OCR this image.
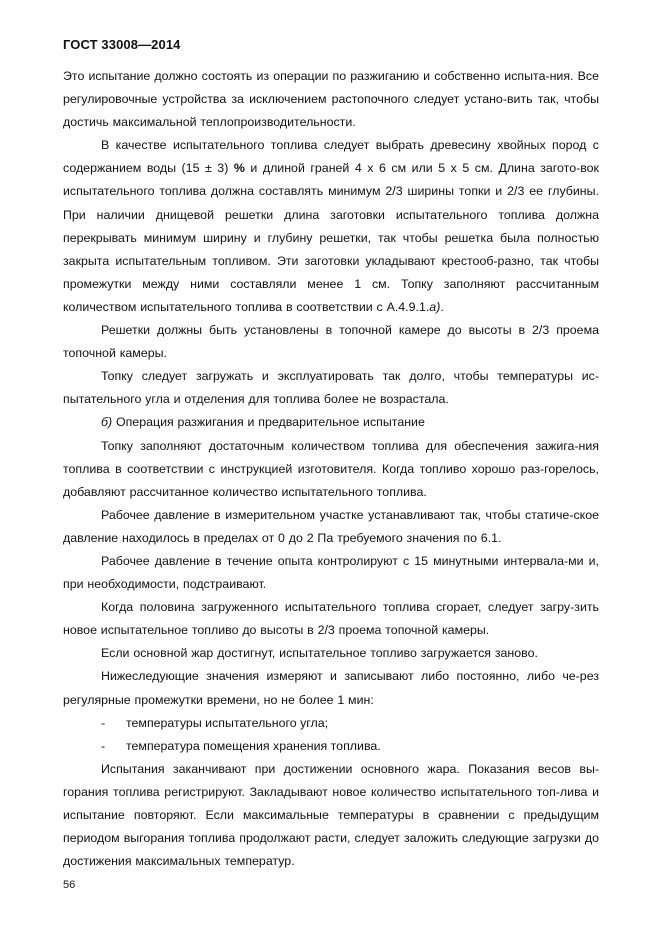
ГОСТ 33008—2014

Это испытание должно состоять из операции по разжиганию и собственно испыта-ния. Все регулировочные устройства за исключением растопочного следует устано-вить так, чтобы достичь максимальной теплопроизводительности.

В качестве испытательного топлива следует выбрать древесину хвойных пород с содержанием воды (15 ± 3) % и длиной граней 4 x 6 см или 5 x 5 см. Длина загото-вок испытательного топлива должна составлять минимум 2/3 ширины топки и 2/3 ее глубины. При наличии днищевой решетки длина заготовки испытательного топлива должна перекрывать минимум ширину и глубину решетки, так чтобы решетка была полностью закрыта испытательным топливом. Эти заготовки укладывают крестооб-разно, так чтобы промежутки между ними составляли менее 1 см. Топку заполняют рассчитанным количеством испытательного топлива в соответствии с А.4.9.1.а).

Решетки должны быть установлены в топочной камере до высоты в 2/3 проема топочной камеры.

Топку следует загружать и эксплуатировать так долго, чтобы температуры ис-пытательного угла и отделения для топлива более не возрастала.

б) Операция разжигания и предварительное испытание

Топку заполняют достаточным количеством топлива для обеспечения зажига-ния топлива в соответствии с инструкцией изготовителя. Когда топливо хорошо раз-горелось, добавляют рассчитанное количество испытательного топлива.

Рабочее давление в измерительном участке устанавливают так, чтобы статиче-ское давление находилось в пределах от 0 до 2 Па требуемого значения по 6.1.

Рабочее давление в течение опыта контролируют с 15 минутными интервала-ми и, при необходимости, подстраивают.

Когда половина загруженного испытательного топлива сгорает, следует загру-зить новое испытательное топливо до высоты в 2/3 проема топочной камеры.

Если основной жар достигнут, испытательное топливо загружается заново.

Нижеследующие значения измеряют и записывают либо постоянно, либо че-рез регулярные промежутки времени, но не более 1 мин:

- температуры испытательного угла;

- температура помещения хранения топлива.

Испытания заканчивают при достижении основного жара. Показания весов вы-горания топлива регистрируют. Закладывают новое количество испытательного топ-лива и испытание повторяют. Если максимальные температуры в сравнении с предыдущим периодом выгорания топлива продолжают расти, следует заложить следующие загрузки до достижения максимальных температур.

56
